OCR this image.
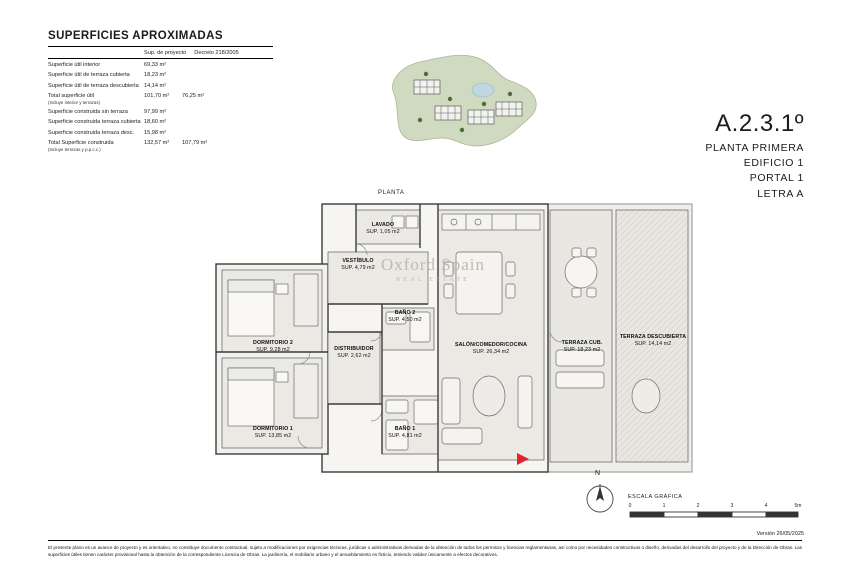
SUPERFICIES APROXIMADAS
Sup. de proyecto Decreto 218/2005
Superficie útil interior	69,33 m²
Superficie útil de terraza cubierta	18,23 m²
Superficie útil de terraza descubierta 14,14 m²
Total superficie útil
(Incluye interior y terrazas)
101,70 m²	76,25 m²
Superficie construida sin terraza	97,99 m²
Superficie construida terraza cubierta 18,60 m²
Superficie construida terraza desc.	15,98 m²
Total Superficie construida
(Incluye terrazas y p.p.c.c.)
132,57 m²	107,79 m²
A.2.3.1º
PLANTA PRIMERA
EDIFICIO 1
PORTAL 1
LETRA A
PLANTA
LAVADO
SUP. 1,05 m2
VESTÍBULO
SUP. 4,79 m2
BAÑO 2
SUP. 4,50 m2
DORMITORIO 2
SUP. 9,28 m2	DISTRIBUIDOR
SUP. 2,62 m2
SALÓN/COMEDOR/COCINA
SUP. 26,34 m2
TERRAZA CUB.
SUP. 18,23 m2
TERRAZA DESCUBIERTA
SUP. 14,14 m2
DORMITORIO 1
SUP. 13,85 m2
BAÑO 1
SUP. 4,81 m2
Oxford Spain
REAL ESTATE
N
ESCALA GRÁFICA
0	1	2	3	4	5m
Versión 26/05/2025
El presente plano es un avance de proyecto y es orientativo, no constituye documento contractual, sujeto a modificaciones por exigencias técnicas, jurídicas o administrativas derivadas de la obtención de todos los permisos y licencias reglamentarias, así como por necesidades constructivas o diseño, derivadas del desarrollo del proyecto y de la Dirección de Obras. Las superficies útiles tienen carácter provisional hasta la obtención de la correspondiente Licencia de Obras. La jardinería, el mobiliario urbano y el amueblamiento es ficticio, teniendo validez únicamente a efectos decorativos.
